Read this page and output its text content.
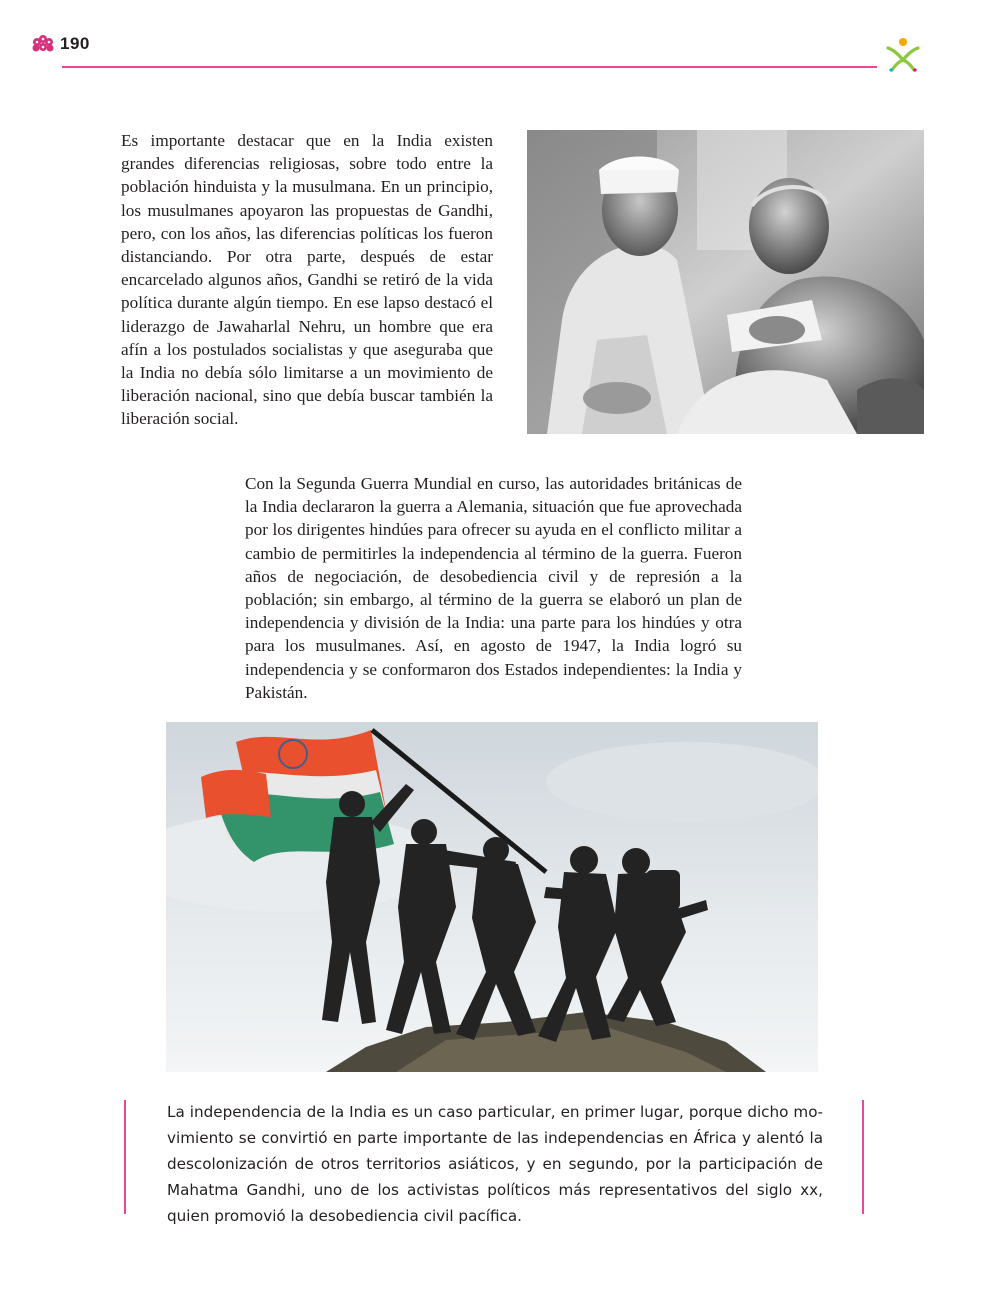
190
Es importante destacar que en la India existen grandes diferencias religiosas, sobre todo entre la población hinduista y la musulmana. En un principio, los musulmanes apoyaron las propuestas de Gandhi, pero, con los años, las diferencias políticas los fueron distanciando. Por otra parte, después de estar encarcelado algunos años, Gandhi se retiró de la vida política durante algún tiempo. En ese lapso destacó el liderazgo de Jawaharlal Nehru, un hombre que era afín a los postulados socialistas y que aseguraba que la India no debía sólo limitarse a un movimiento de liberación nacional, sino que debía buscar también la liberación social.
Con la Segunda Guerra Mundial en curso, las autoridades británicas de la India declararon la guerra a Alemania, situación que fue aprovechada por los dirigentes hindúes para ofrecer su ayuda en el conflicto militar a cambio de permitirles la independencia al término de la guerra. Fueron años de negociación, de desobediencia civil y de represión a la población; sin embargo, al término de la guerra se elaboró un plan de independencia y división de la India: una parte para los hindúes y otra para los musulmanes. Así, en agosto de 1947, la India logró su independencia y se conformaron dos Estados independientes: la India y Pakistán.
La independencia de la India es un caso particular, en primer lugar, porque dicho movimiento se convirtió en parte importante de las independencias en África y alentó la descolonización de otros territorios asiáticos, y en segundo, por la participación de Mahatma Gandhi, uno de los activistas políticos más representativos del siglo xx, quien promovió la desobediencia civil pacífica.
